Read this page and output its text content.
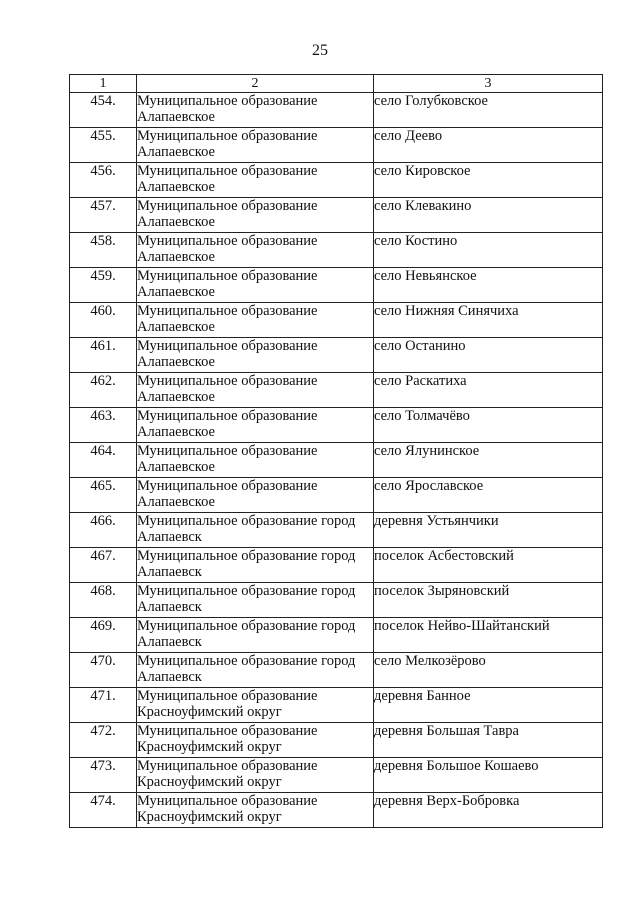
25
1	2	3
454.	Муниципальное образование Алапаевское	село Голубковское
455.	Муниципальное образование Алапаевское	село Деево
456.	Муниципальное образование Алапаевское	село Кировское
457.	Муниципальное образование Алапаевское	село Клевакино
458.	Муниципальное образование Алапаевское	село Костино
459.	Муниципальное образование Алапаевское	село Невьянское
460.	Муниципальное образование Алапаевское	село Нижняя Синячиха
461.	Муниципальное образование Алапаевское	село Останино
462.	Муниципальное образование Алапаевское	село Раскатиха
463.	Муниципальное образование Алапаевское	село Толмачёво
464.	Муниципальное образование Алапаевское	село Ялунинское
465.	Муниципальное образование Алапаевское	село Ярославское
466.	Муниципальное образование город Алапаевск	деревня Устьянчики
467.	Муниципальное образование город Алапаевск	поселок Асбестовский
468.	Муниципальное образование город Алапаевск	поселок Зыряновский
469.	Муниципальное образование город Алапаевск	поселок Нейво-Шайтанский
470.	Муниципальное образование город Алапаевск	село Мелкозёрово
471.	Муниципальное образование Красноуфимский округ	деревня Банное
472.	Муниципальное образование Красноуфимский округ	деревня Большая Тавра
473.	Муниципальное образование Красноуфимский округ	деревня Большое Кошаево
474.	Муниципальное образование Красноуфимский округ	деревня Верх-Бобровка
